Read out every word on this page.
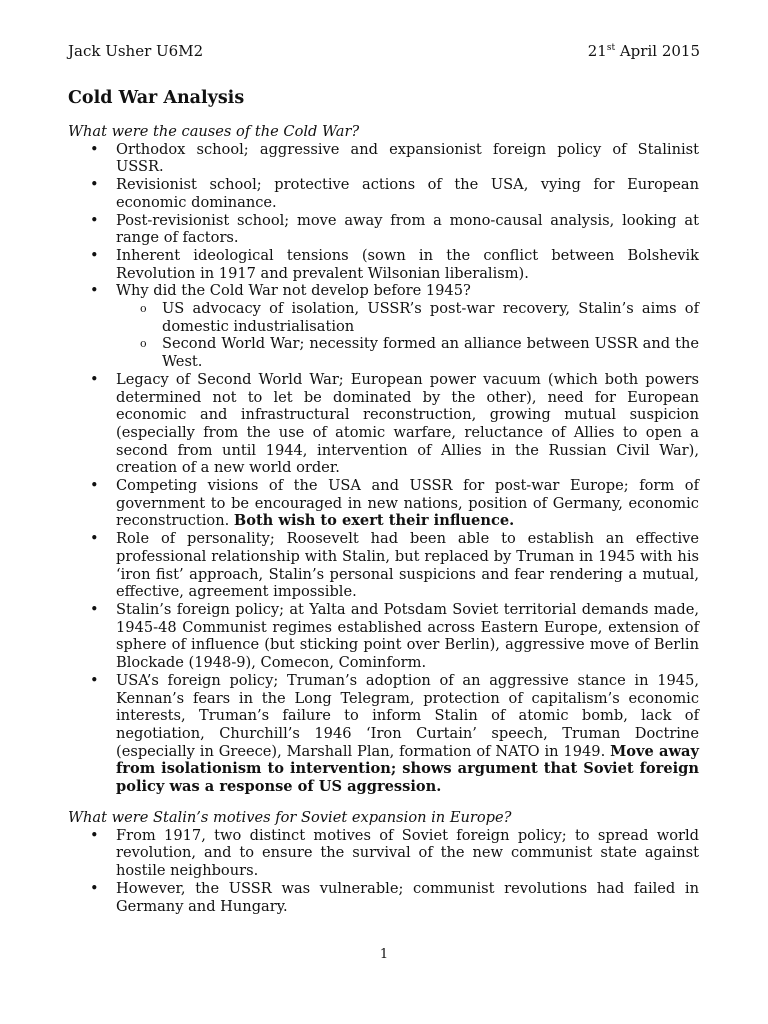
Jack Usher U6M2	21st April 2015
Cold War Analysis

What were the causes of the Cold War?

• Orthodox school; aggressive and expansionist foreign policy of Stalinist USSR.
• Revisionist school; protective actions of the USA, vying for European economic dominance.
• Post-revisionist school; move away from a mono-causal analysis, looking at range of factors.
• Inherent ideological tensions (sown in the conflict between Bolshevik Revolution in 1917 and prevalent Wilsonian liberalism).
• Why did the Cold War not develop before 1945?
o US advocacy of isolation, USSR’s post-war recovery, Stalin’s aims of domestic industrialisation
o Second World War; necessity formed an alliance between USSR and the West.
• Legacy of Second World War; European power vacuum (which both powers determined not to let be dominated by the other), need for European economic and infrastructural reconstruction, growing mutual suspicion (especially from the use of atomic warfare, reluctance of Allies to open a second from until 1944, intervention of Allies in the Russian Civil War), creation of a new world order.
• Competing visions of the USA and USSR for post-war Europe; form of government to be encouraged in new nations, position of Germany, economic reconstruction. Both wish to exert their influence.
• Role of personality; Roosevelt had been able to establish an effective professional relationship with Stalin, but replaced by Truman in 1945 with his ‘iron fist’ approach, Stalin’s personal suspicions and fear rendering a mutual, effective, agreement impossible.
• Stalin’s foreign policy; at Yalta and Potsdam Soviet territorial demands made, 1945-48 Communist regimes established across Eastern Europe, extension of sphere of influence (but sticking point over Berlin), aggressive move of Berlin Blockade (1948-9), Comecon, Cominform.
• USA’s foreign policy; Truman’s adoption of an aggressive stance in 1945, Kennan’s fears in the Long Telegram, protection of capitalism’s economic interests, Truman’s failure to inform Stalin of atomic bomb, lack of negotiation, Churchill’s 1946 ‘Iron Curtain’ speech, Truman Doctrine (especially in Greece), Marshall Plan, formation of NATO in 1949. Move away from isolationism to intervention; shows argument that Soviet foreign policy was a response of US aggression.

What were Stalin’s motives for Soviet expansion in Europe?

• From 1917, two distinct motives of Soviet foreign policy; to spread world revolution, and to ensure the survival of the new communist state against hostile neighbours.
• However, the USSR was vulnerable; communist revolutions had failed in Germany and Hungary.
1
